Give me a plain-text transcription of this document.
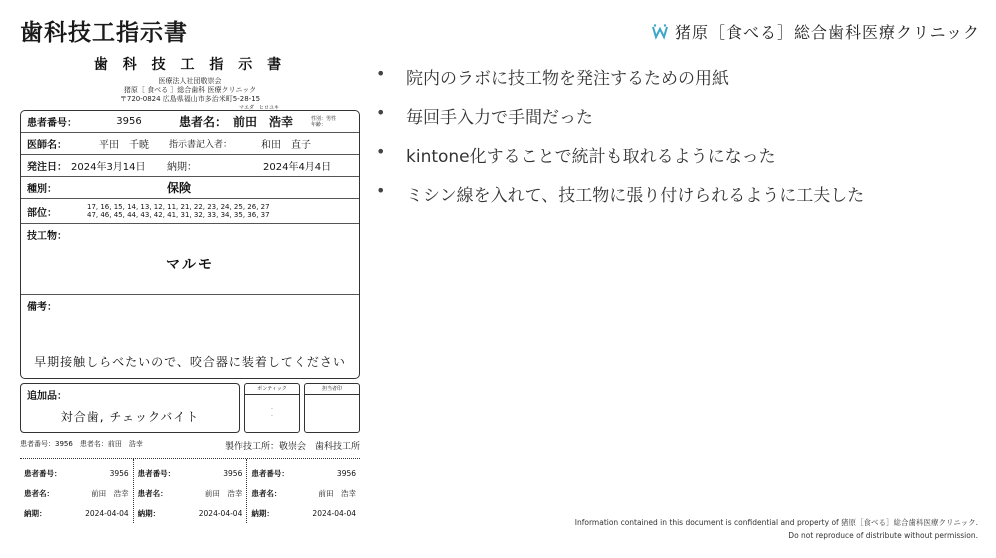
歯科技工指示書	猪原［食べる］総合歯科医療クリニック
歯 科 技 工 指 示 書
医療法人社団敬崇会
猪原［ 食べる ］総合歯科 医療クリニック
〒720-0824 広島県福山市多治米町5-28-15
患者番号：	3956	患者名：
マエダ　ヒロユキ
前田　浩幸	性別：男性 年齢：
医師名：	平田　千暁	指示書記入者：	和田　直子
発注日： 2024年3月14日	納期：	2024年4月4日
種別：	保険
部位：
17, 16, 15, 14, 13, 12, 11, 21, 22, 23, 24, 25, 26, 27
47, 46, 45, 44, 43, 42, 41, 31, 32, 33, 34, 35, 36, 37
技工物：
マルモ
備考：
早期接触しらべたいので、咬合器に装着してください
追加品：
対合歯, チェックバイト
ポンティック
·
·
担当者印
患者番号：3956　患者名：前田　浩幸	製作技工所：敬崇会　歯科技工所
患者番号：	3956
患者名：	前田　浩幸
納期：	2024-04-04
患者番号：	3956
患者名：	前田　浩幸
納期：	2024-04-04
患者番号：	3956
患者名：	前田　浩幸
納期：	2024-04-04
• 院内のラボに技工物を発注するための用紙
• 毎回手入力で手間だった
• kintone化することで統計も取れるようになった
• ミシン線を入れて、技工物に張り付けられるように工夫した
Information contained in this document is confidential and property of 猪原［食べる］総合歯科医療クリニック.
Do not reproduce of distribute without permission.
